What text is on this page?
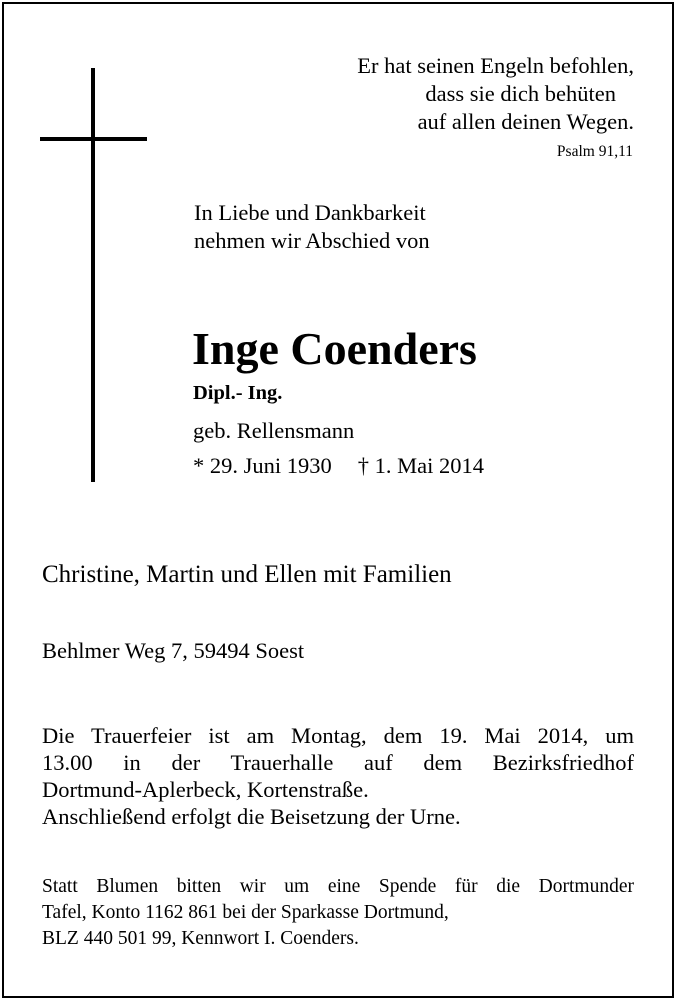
Er hat seinen Engeln befohlen,
dass sie dich behüten
auf allen deinen Wegen.
Psalm 91,11
In Liebe und Dankbarkeit
nehmen wir Abschied von
Inge Coenders
Dipl.- Ing.
geb. Rellensmann
* 29. Juni 1930 † 1. Mai 2014
Christine, Martin und Ellen mit Familien
Behlmer Weg 7, 59494 Soest
Die Trauerfeier ist am Montag, dem 19. Mai 2014, um
13.00 in der Trauerhalle auf dem Bezirksfriedhof
Dortmund-Aplerbeck, Kortenstraße.
Anschließend erfolgt die Beisetzung der Urne.
Statt Blumen bitten wir um eine Spende für die Dortmunder
Tafel, Konto 1162 861 bei der Sparkasse Dortmund,
BLZ 440 501 99, Kennwort I. Coenders.
